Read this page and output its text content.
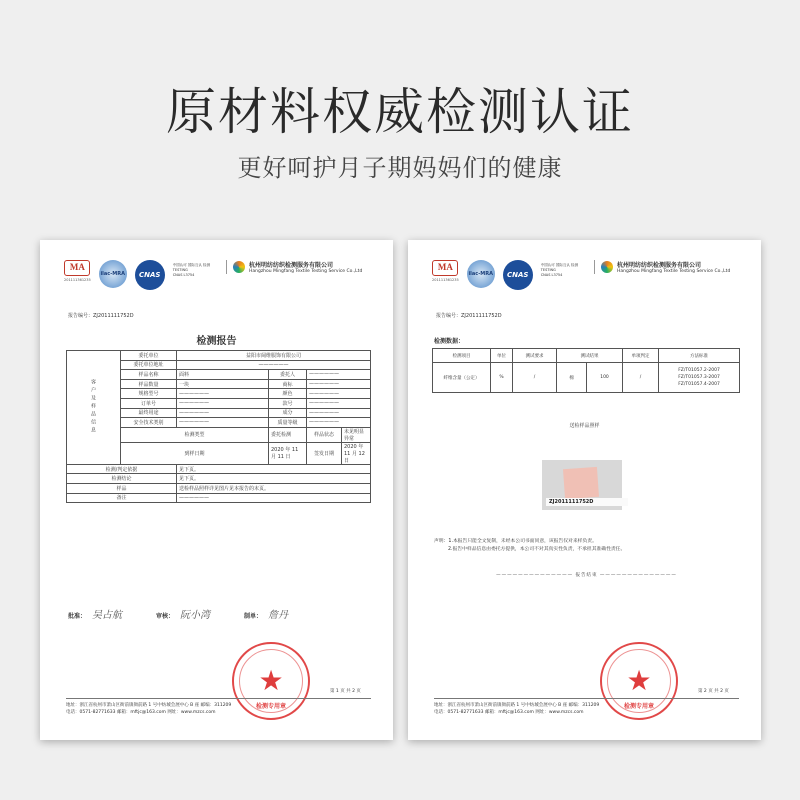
原材料权威检测认证
更好呵护月子期妈妈们的健康
MA
201111361235
ilac-MRA	CNAS
中国认可 国际互认 检测
TESTING
CNAS L3754
杭州明纺纺织检测服务有限公司
Hangzhou Mingfang Textile Testing Service Co.,Ltd
报告编号：ZJ2011111752D
检测报告
客户及样品信息	委托单位	益阳市阔维服饰有限公司			
	委托单位地址	——————			
	样品名称	面料	委托人	——————	
	样品数量	一块	商标	——————	
	规格型号	——————	颜色	——————	
	订单号	——————	款号	——————	
	最终用途	——————	成分	——————	
	安全技术类别	——————	质量等级	——————	
	检测类型		委托检测	样品状态	未见明显异常
	到样日期		2020 年 11 月 11 日	签发日期	2020 年 11 月 12 日
检测/判定依据		见下页。			
检测结论		见下页。			
样品		送检样品照样详见图片见本报告的末页。			
备注		——————			
批准： 吴占航	审核： 阮小湾	制单： 詹丹
★
检测专用章
第 1 页 共 2 页
地址：浙江省杭州市萧山区衙前镇衙前路 1 号中纺城会展中心 B 座 邮编：311209
电话：0571-82771633 邮箱：mftjc@163.com 网址：www.mzcs.com
MA
201111361235
ilac-MRA	CNAS
中国认可 国际互认 检测
TESTING
CNAS L3754
杭州明纺纺织检测服务有限公司
Hangzhou Mingfang Textile Testing Service Co.,Ltd
报告编号：ZJ2011111752D
检测数据：
检测项目	单位	测试要求	测试结果		单项判定	方法标准
纤维含量（公定）	%	/	棉	100	/	FZ/T01057.2-2007
FZ/T01057.3-2007
FZ/T01057.4-2007
送检样品照样
ZJ2011111752D
声明：1.本报告只能全文复制，未经本公司书面同意，该报告仅对来样负责。
2.报告中样品信息由委托方提供，本公司不对其真实性负责，不承担其准确性责任。
—————————————— 报告结束 ——————————————
★
检测专用章
第 2 页 共 2 页
地址：浙江省杭州市萧山区衙前镇衙前路 1 号中纺城会展中心 B 座 邮编：311209
电话：0571-82771633 邮箱：mftjc@163.com 网址：www.mzcs.com
